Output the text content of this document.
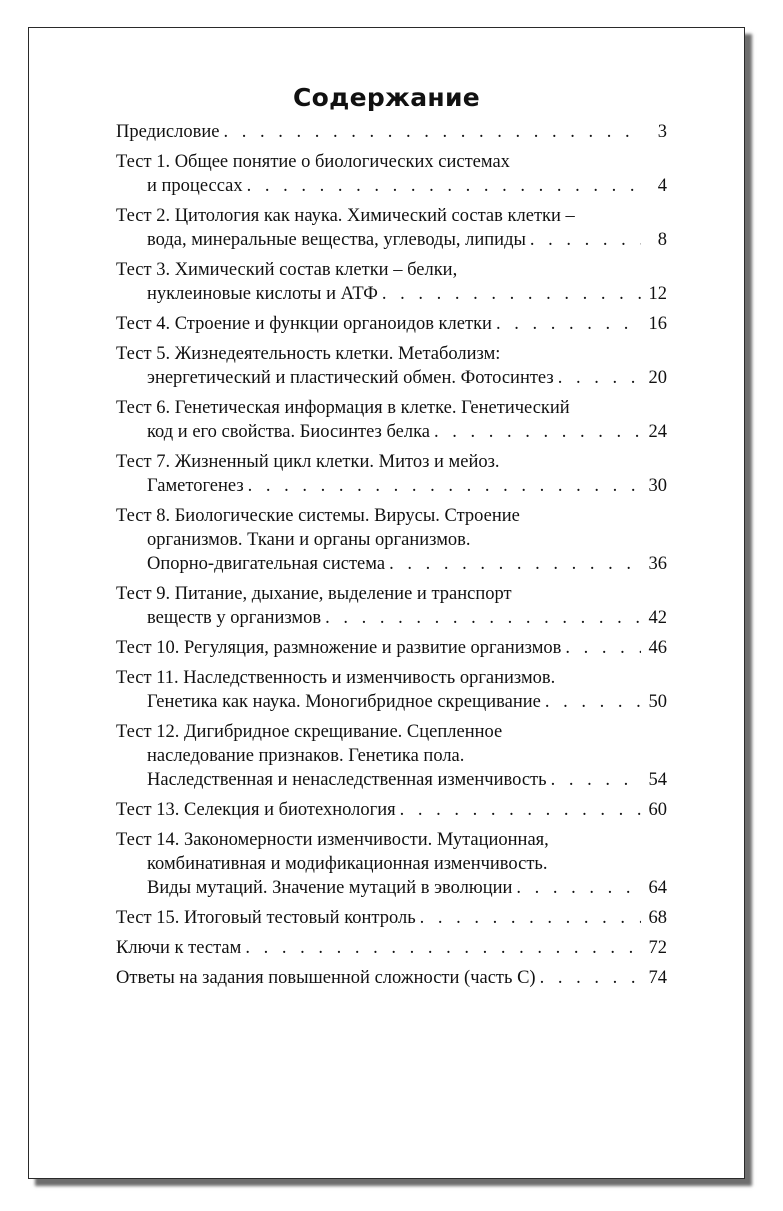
Содержание
Предисловие . . .	3
Тест 1. Общее понятие о биологических системах
и процессах . . .	4
Тест 2. Цитология как наука. Химический состав клетки –
вода, минеральные вещества, углеводы, липиды . . .	8
Тест 3. Химический состав клетки – белки,
нуклеиновые кислоты и АТФ . . .	12
Тест 4. Строение и функции органоидов клетки . . .	16
Тест 5. Жизнедеятельность клетки. Метаболизм:
энергетический и пластический обмен. Фотосинтез . . .	20
Тест 6. Генетическая информация в клетке. Генетический
код и его свойства. Биосинтез белка . . .	24
Тест 7. Жизненный цикл клетки. Митоз и мейоз.
Гаметогенез . . .	30
Тест 8. Биологические системы. Вирусы. Строение
организмов. Ткани и органы организмов.
Опорно-двигательная система . . .	36
Тест 9. Питание, дыхание, выделение и транспорт
веществ у организмов . . .	42
Тест 10. Регуляция, размножение и развитие организмов . . .	46
Тест 11. Наследственность и изменчивость организмов.
Генетика как наука. Моногибридное скрещивание . . .	50
Тест 12. Дигибридное скрещивание. Сцепленное
наследование признаков. Генетика пола.
Наследственная и ненаследственная изменчивость . . .	54
Тест 13. Селекция и биотехнология . . .	60
Тест 14. Закономерности изменчивости. Мутационная,
комбинативная и модификационная изменчивость.
Виды мутаций. Значение мутаций в эволюции . . .	64
Тест 15. Итоговый тестовый контроль . . .	68
Ключи к тестам . . .	72
Ответы на задания повышенной сложности (часть С) . . .	74
